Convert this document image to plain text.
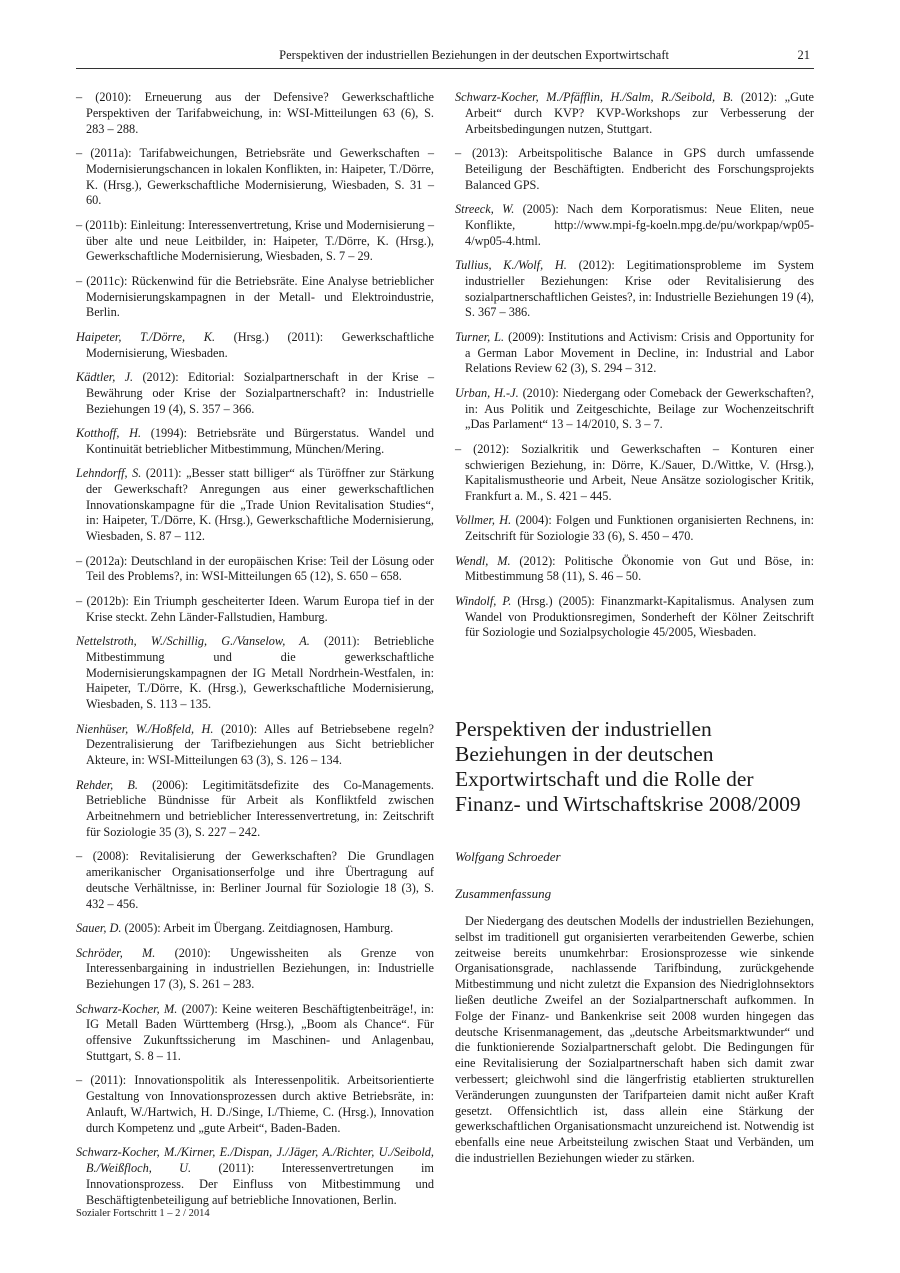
Perspektiven der industriellen Beziehungen in der deutschen Exportwirtschaft	21

– (2010): Erneuerung aus der Defensive? Gewerkschaftliche Perspektiven der Tarifabweichung, in: WSI-Mitteilungen 63 (6), S. 283 – 288.

– (2011a): Tarifabweichungen, Betriebsräte und Gewerkschaften – Modernisierungschancen in lokalen Konflikten, in: Haipeter, T./Dörre, K. (Hrsg.), Gewerkschaftliche Modernisierung, Wiesbaden, S. 31 – 60.

– (2011b): Einleitung: Interessenvertretung, Krise und Modernisierung – über alte und neue Leitbilder, in: Haipeter, T./Dörre, K. (Hrsg.), Gewerkschaftliche Modernisierung, Wiesbaden, S. 7 – 29.

– (2011c): Rückenwind für die Betriebsräte. Eine Analyse betrieblicher Modernisierungskampagnen in der Metall- und Elektroindustrie, Berlin.

Haipeter, T./Dörre, K. (Hrsg.) (2011): Gewerkschaftliche Modernisierung, Wiesbaden.

Kädtler, J. (2012): Editorial: Sozialpartnerschaft in der Krise – Bewährung oder Krise der Sozialpartnerschaft? in: Industrielle Beziehungen 19 (4), S. 357 – 366.

Kotthoff, H. (1994): Betriebsräte und Bürgerstatus. Wandel und Kontinuität betrieblicher Mitbestimmung, München/Mering.

Lehndorff, S. (2011): „Besser statt billiger“ als Türöffner zur Stärkung der Gewerkschaft? Anregungen aus einer gewerkschaftlichen Innovationskampagne für die „Trade Union Revitalisation Studies“, in: Haipeter, T./Dörre, K. (Hrsg.), Gewerkschaftliche Modernisierung, Wiesbaden, S. 87 – 112.

– (2012a): Deutschland in der europäischen Krise: Teil der Lösung oder Teil des Problems?, in: WSI-Mitteilungen 65 (12), S. 650 – 658.

– (2012b): Ein Triumph gescheiterter Ideen. Warum Europa tief in der Krise steckt. Zehn Länder-Fallstudien, Hamburg.

Nettelstroth, W./Schillig, G./Vanselow, A. (2011): Betriebliche Mitbestimmung und die gewerkschaftliche Modernisierungskampagnen der IG Metall Nordrhein-Westfalen, in: Haipeter, T./Dörre, K. (Hrsg.), Gewerkschaftliche Modernisierung, Wiesbaden, S. 113 – 135.

Nienhüser, W./Hoßfeld, H. (2010): Alles auf Betriebsebene regeln? Dezentralisierung der Tarifbeziehungen aus Sicht betrieblicher Akteure, in: WSI-Mitteilungen 63 (3), S. 126 – 134.

Rehder, B. (2006): Legitimitätsdefizite des Co-Managements. Betriebliche Bündnisse für Arbeit als Konfliktfeld zwischen Arbeitnehmern und betrieblicher Interessenvertretung, in: Zeitschrift für Soziologie 35 (3), S. 227 – 242.

– (2008): Revitalisierung der Gewerkschaften? Die Grundlagen amerikanischer Organisationserfolge und ihre Übertragung auf deutsche Verhältnisse, in: Berliner Journal für Soziologie 18 (3), S. 432 – 456.

Sauer, D. (2005): Arbeit im Übergang. Zeitdiagnosen, Hamburg.

Schröder, M. (2010): Ungewissheiten als Grenze von Interessenbargaining in industriellen Beziehungen, in: Industrielle Beziehungen 17 (3), S. 261 – 283.

Schwarz-Kocher, M. (2007): Keine weiteren Beschäftigtenbeiträge!, in: IG Metall Baden Württemberg (Hrsg.), „Boom als Chance“. Für offensive Zukunftssicherung im Maschinen- und Anlagenbau, Stuttgart, S. 8 – 11.

– (2011): Innovationspolitik als Interessenpolitik. Arbeitsorientierte Gestaltung von Innovationsprozessen durch aktive Betriebsräte, in: Anlauft, W./Hartwich, H. D./Singe, I./Thieme, C. (Hrsg.), Innovation durch Kompetenz und „gute Arbeit“, Baden-Baden.

Schwarz-Kocher, M./Kirner, E./Dispan, J./Jäger, A./Richter, U./Seibold, B./Weißfloch, U. (2011): Interessenvertretungen im Innovationsprozess. Der Einfluss von Mitbestimmung und Beschäftigtenbeteiligung auf betriebliche Innovationen, Berlin.

Schwarz-Kocher, M./Pfäfflin, H./Salm, R./Seibold, B. (2012): „Gute Arbeit“ durch KVP? KVP-Workshops zur Verbesserung der Arbeitsbedingungen nutzen, Stuttgart.

– (2013): Arbeitspolitische Balance in GPS durch umfassende Beteiligung der Beschäftigten. Endbericht des Forschungsprojekts Balanced GPS.

Streeck, W. (2005): Nach dem Korporatismus: Neue Eliten, neue Konflikte, http://www.mpi-fg-koeln.mpg.de/pu/workpap/wp05-4/wp05-4.html.

Tullius, K./Wolf, H. (2012): Legitimationsprobleme im System industrieller Beziehungen: Krise oder Revitalisierung des sozialpartnerschaftlichen Geistes?, in: Industrielle Beziehungen 19 (4), S. 367 – 386.

Turner, L. (2009): Institutions and Activism: Crisis and Opportunity for a German Labor Movement in Decline, in: Industrial and Labor Relations Review 62 (3), S. 294 – 312.

Urban, H.-J. (2010): Niedergang oder Comeback der Gewerkschaften?, in: Aus Politik und Zeitgeschichte, Beilage zur Wochenzeitschrift „Das Parlament“ 13 – 14/2010, S. 3 – 7.

– (2012): Sozialkritik und Gewerkschaften – Konturen einer schwierigen Beziehung, in: Dörre, K./Sauer, D./Wittke, V. (Hrsg.), Kapitalismustheorie und Arbeit, Neue Ansätze soziologischer Kritik, Frankfurt a. M., S. 421 – 445.

Vollmer, H. (2004): Folgen und Funktionen organisierten Rechnens, in: Zeitschrift für Soziologie 33 (6), S. 450 – 470.

Wendl, M. (2012): Politische Ökonomie von Gut und Böse, in: Mitbestimmung 58 (11), S. 46 – 50.

Windolf, P. (Hrsg.) (2005): Finanzmarkt-Kapitalismus. Analysen zum Wandel von Produktionsregimen, Sonderheft der Kölner Zeitschrift für Soziologie und Sozialpsychologie 45/2005, Wiesbaden.

Perspektiven der industriellen Beziehungen in der deutschen Exportwirtschaft und die Rolle der Finanz- und Wirtschaftskrise 2008/2009

Wolfgang Schroeder

Zusammenfassung

Der Niedergang des deutschen Modells der industriellen Beziehungen, selbst im traditionell gut organisierten verarbeitenden Gewerbe, schien zeitweise bereits unumkehrbar: Erosionsprozesse wie sinkende Organisationsgrade, nachlassende Tarifbindung, zurückgehende Mitbestimmung und nicht zuletzt die Expansion des Niedriglohnsektors ließen deutliche Zweifel an der Sozialpartnerschaft aufkommen. In Folge der Finanz- und Bankenkrise seit 2008 wurden hingegen das deutsche Krisenmanagement, das „deutsche Arbeitsmarktwunder“ und die funktionierende Sozialpartnerschaft gelobt. Die Bedingungen für eine Revitalisierung der Sozialpartnerschaft haben sich damit zwar verbessert; gleichwohl sind die längerfristig etablierten strukturellen Veränderungen zuungunsten der Tarifparteien damit nicht außer Kraft gesetzt. Offensichtlich ist, dass allein eine Stärkung der gewerkschaftlichen Organisationsmacht unzureichend ist. Notwendig ist ebenfalls eine neue Arbeitsteilung zwischen Staat und Verbänden, um die industriellen Beziehungen wieder zu stärken.

Sozialer Fortschritt 1 – 2 / 2014
